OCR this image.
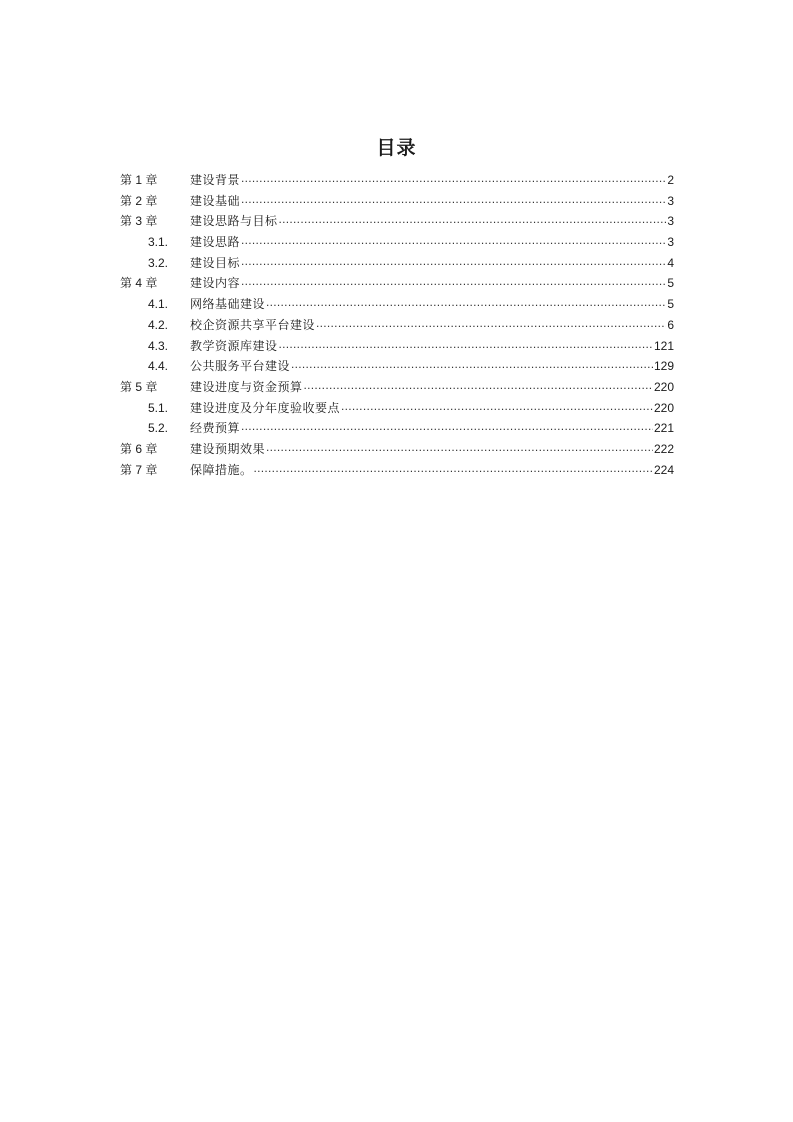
目录
第 1 章	建设背景 .....	2
第 2 章	建设基础 .....	3
第 3 章	建设思路与目标 .....	3
3.1.	建设思路 .....	3
3.2.	建设目标 .....	4
第 4 章	建设内容 .....	5
4.1.	网络基础建设 .....	5
4.2.	校企资源共享平台建设 .....	6
4.3.	教学资源库建设 .....	121
4.4.	公共服务平台建设 .....	129
第 5 章	建设进度与资金预算 .....	220
5.1.	建设进度及分年度验收要点 .....	220
5.2.	经费预算 .....	221
第 6 章	建设预期效果 .....	222
第 7 章	保障措施。 .....	224
